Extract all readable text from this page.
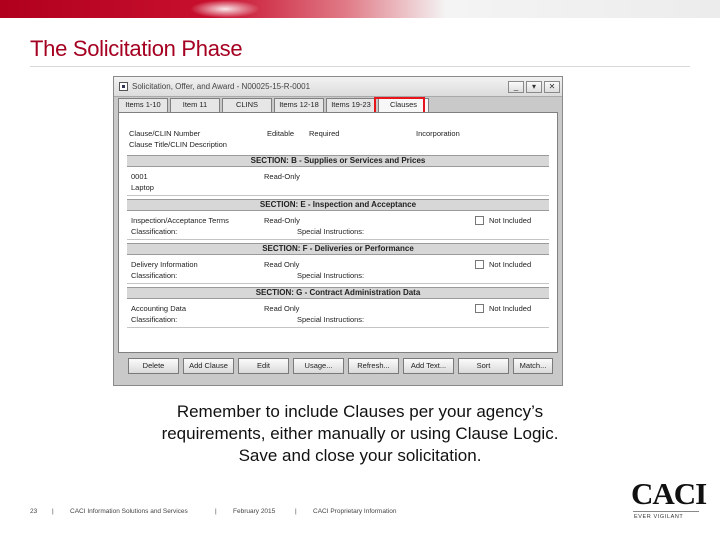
The Solicitation Phase
Solicitation, Offer, and Award - N00025-15-R-0001	_	▾	✕
Items 1-10	Item 11	CLINS	Items 12-18	Items 19-23	Clauses
Clause/CLIN Number
Clause Title/CLIN Description
Editable Required	Incorporation
SECTION: B - Supplies or Services and Prices
0001	Read-Only
Laptop
SECTION: E - Inspection and Acceptance
Inspection/Acceptance Terms	Read-Only	Not Included
Classification:	Special Instructions:
SECTION: F - Deliveries or Performance
Delivery Information	Read Only	Not Included
Classification:	Special Instructions:
SECTION: G - Contract Administration Data
Accounting Data	Read Only	Not Included
Classification:	Special Instructions:
Delete	Add Clause	Edit	Usage...	Refresh...	Add Text...	Sort	Match...
Remember to include Clauses per your agency’s
requirements, either manually or using Clause Logic.
Save and close your solicitation.
23 |	CACI Information Solutions and Services	|	February 2015	|	CACI Proprietary Information
CACI
EVER VIGILANT
